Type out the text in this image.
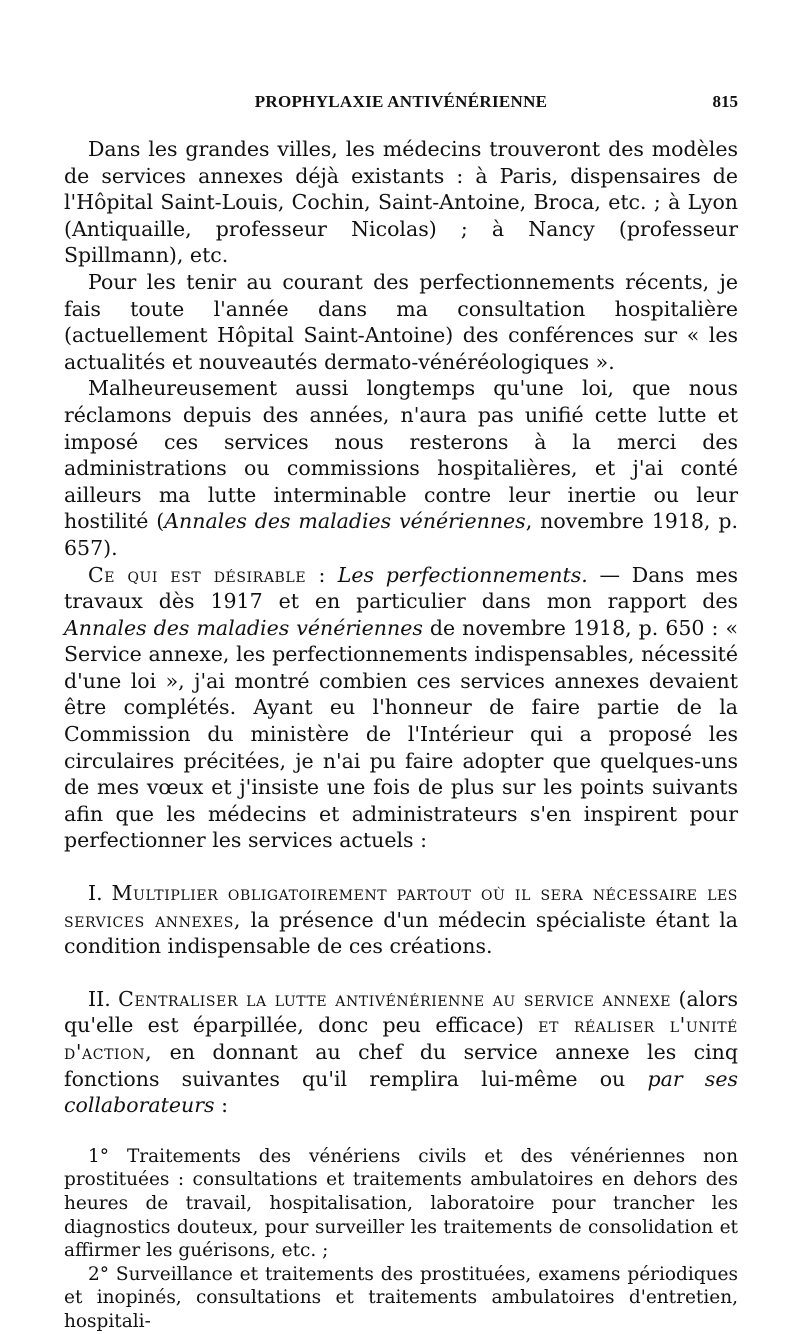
PROPHYLAXIE ANTIVÉNÉRIENNE	815

Dans les grandes villes, les médecins trouveront des modèles de services annexes déjà existants : à Paris, dispensaires de l'Hôpital Saint-Louis, Cochin, Saint-Antoine, Broca, etc. ; à Lyon (Antiquaille, professeur Nicolas) ; à Nancy (professeur Spillmann), etc.

Pour les tenir au courant des perfectionnements récents, je fais toute l'année dans ma consultation hospitalière (actuellement Hôpital Saint-Antoine) des conférences sur « les actualités et nouveautés dermato-vénéréologiques ».

Malheureusement aussi longtemps qu'une loi, que nous réclamons depuis des années, n'aura pas unifié cette lutte et imposé ces services nous resterons à la merci des administrations ou commissions hospitalières, et j'ai conté ailleurs ma lutte interminable contre leur inertie ou leur hostilité (Annales des maladies vénériennes, novembre 1918, p. 657).

Ce qui est désirable : Les perfectionnements. — Dans mes travaux dès 1917 et en particulier dans mon rapport des Annales des maladies vénériennes de novembre 1918, p. 650 : « Service annexe, les perfectionnements indispensables, nécessité d'une loi », j'ai montré combien ces services annexes devaient être complétés. Ayant eu l'honneur de faire partie de la Commission du ministère de l'Intérieur qui a proposé les circulaires précitées, je n'ai pu faire adopter que quelques-uns de mes vœux et j'insiste une fois de plus sur les points suivants afin que les médecins et administrateurs s'en inspirent pour perfectionner les services actuels :

I. Multiplier obligatoirement partout où il sera nécessaire les services annexes, la présence d'un médecin spécialiste étant la condition indispensable de ces créations.

II. Centraliser la lutte antivénérienne au service annexe (alors qu'elle est éparpillée, donc peu efficace) et réaliser l'unité d'action, en donnant au chef du service annexe les cinq fonctions suivantes qu'il remplira lui-même ou par ses collaborateurs :

1° Traitements des vénériens civils et des vénériennes non prostituées : consultations et traitements ambulatoires en dehors des heures de travail, hospitalisation, laboratoire pour trancher les diagnostics douteux, pour surveiller les traitements de consolidation et affirmer les guérisons, etc. ;

2° Surveillance et traitements des prostituées, examens périodiques et inopinés, consultations et traitements ambulatoires d'entretien, hospitali-
